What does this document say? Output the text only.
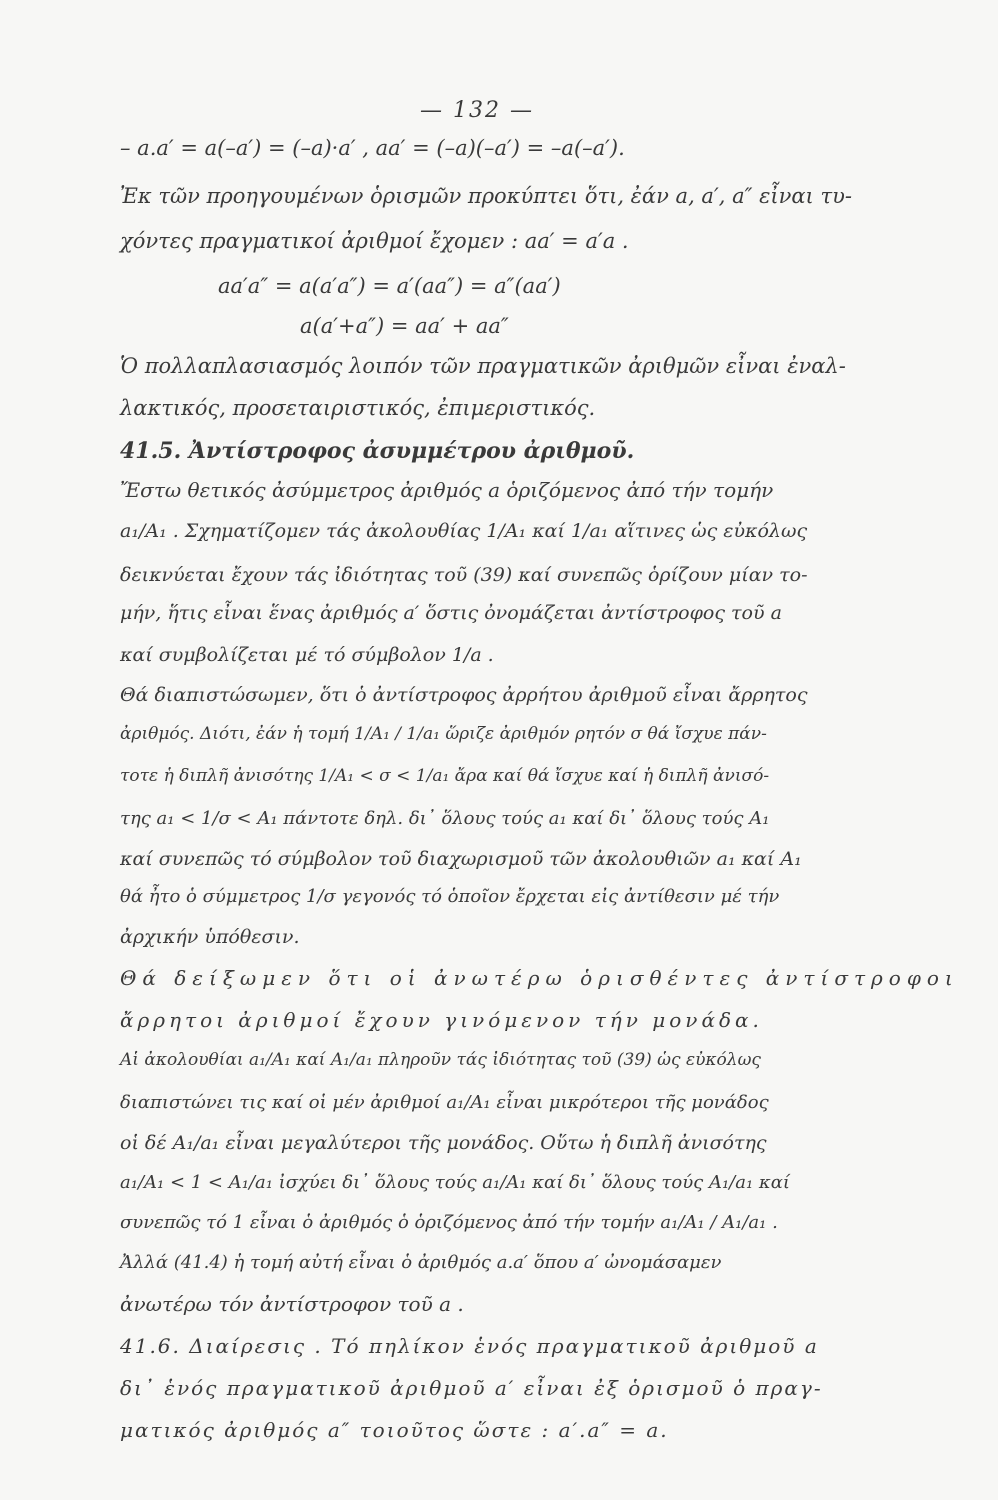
— 132 —
– a.a′ = a(–a′) = (–a)·a′ , aa′ = (–a)(–a′) = –a(–a′).
Ἐκ τῶν προηγουμένων ὁρισμῶν προκύπτει ὅτι, ἐάν a, a′, a″ εἶναι τυ-
χόντες πραγματικοί ἀριθμοί ἔχομεν : aa′ = a′a .
aa′a″ = a(a′a″) = a′(aa″) = a″(aa′)
a(a′+a″) = aa′ + aa″
Ὁ πολλαπλασιασμός λοιπόν τῶν πραγματικῶν ἀριθμῶν εἶναι ἐναλ-
λακτικός, προσεταιριστικός, ἐπιμεριστικός.
41.5. Ἀντίστροφος ἀσυμμέτρου ἀριθμοῦ.
Ἔστω θετικός ἀσύμμετρος ἀριθμός a ὁριζόμενος ἀπό τήν τομήν
a₁/A₁ . Σχηματίζομεν τάς ἀκολουθίας 1/A₁ καί 1/a₁ αἵτινες ὡς εὐκόλως
δεικνύεται ἔχουν τάς ἰδιότητας τοῦ (39) καί συνεπῶς ὁρίζουν μίαν το-
μήν, ἥτις εἶναι ἕνας ἀριθμός a′ ὅστις ὀνομάζεται ἀντίστροφος τοῦ a
καί συμβολίζεται μέ τό σύμβολον 1/a .
Θά διαπιστώσωμεν, ὅτι ὁ ἀντίστροφος ἀρρήτου ἀριθμοῦ εἶναι ἄρρητος
ἀριθμός. Διότι, ἐάν ἡ τομή 1/A₁ / 1/a₁ ὥριζε ἀριθμόν ρητόν σ θά ἴσχυε πάν-
τοτε ἡ διπλῆ ἀνισότης 1/A₁ < σ < 1/a₁ ἄρα καί θά ἴσχυε καί ἡ διπλῆ ἀνισό-
της a₁ < 1/σ < A₁ πάντοτε δηλ. δι᾽ ὅλους τούς a₁ καί δι᾽ ὅλους τούς A₁
καί συνεπῶς τό σύμβολον τοῦ διαχωρισμοῦ τῶν ἀκολουθιῶν a₁ καί A₁
θά ἦτο ὁ σύμμετρος 1/σ γεγονός τό ὁποῖον ἔρχεται εἰς ἀντίθεσιν μέ τήν
ἀρχικήν ὑπόθεσιν.
Θά δείξωμεν ὅτι οἱ ἀνωτέρω ὁρισθέντες ἀντίστροφοι
ἄρρητοι ἀριθμοί ἔχουν γινόμενον τήν μονάδα.
Αἱ ἀκολουθίαι a₁/A₁ καί A₁/a₁ πληροῦν τάς ἰδιότητας τοῦ (39) ὡς εὐκόλως
διαπιστώνει τις καί οἱ μέν ἀριθμοί a₁/A₁ εἶναι μικρότεροι τῆς μονάδος
οἱ δέ A₁/a₁ εἶναι μεγαλύτεροι τῆς μονάδος. Οὕτω ἡ διπλῆ ἀνισότης
a₁/A₁ < 1 < A₁/a₁ ἰσχύει δι᾽ ὅλους τούς a₁/A₁ καί δι᾽ ὅλους τούς A₁/a₁ καί
συνεπῶς τό 1 εἶναι ὁ ἀριθμός ὁ ὁριζόμενος ἀπό τήν τομήν a₁/A₁ / A₁/a₁ .
Ἀλλά (41.4) ἡ τομή αὐτή εἶναι ὁ ἀριθμός a.a′ ὅπου a′ ὠνομάσαμεν
ἀνωτέρω τόν ἀντίστροφον τοῦ a .
41.6. Διαίρεσις . Τό πηλίκον ἑνός πραγματικοῦ ἀριθμοῦ a
δι᾽ ἑνός πραγματικοῦ ἀριθμοῦ a′ εἶναι ἐξ ὁρισμοῦ ὁ πραγ-
ματικός ἀριθμός a″ τοιοῦτος ὥστε : a′.a″ = a.
